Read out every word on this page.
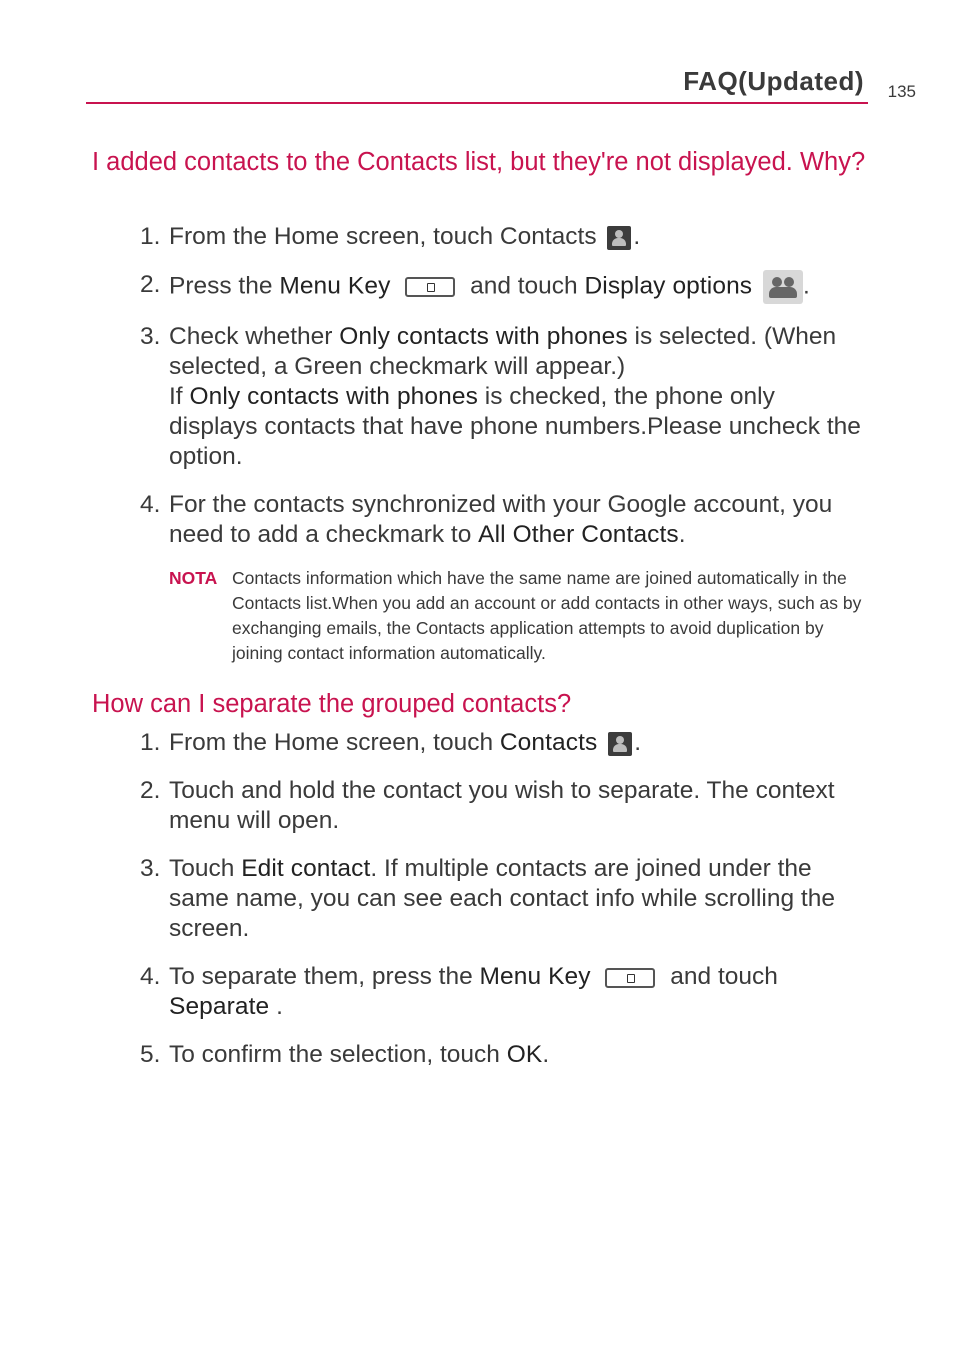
FAQ(Updated) 135
I added contacts to the Contacts list, but they're not displayed. Why?
1. From the Home screen, touch Contacts .
2. Press the Menu Key	and touch Display options .
3. Check whether Only contacts with phones is selected. (When selected, a Green checkmark will appear.)
If Only contacts with phones is checked, the phone only displays contacts that have phone numbers.Please uncheck the option.
4. For the contacts synchronized with your Google account, you need to add a checkmark to All Other Contacts.
NOTA Contacts information which have the same name are joined automatically in the Contacts list.When you add an account or add contacts in other ways, such as by exchanging emails, the Contacts application attempts to avoid duplication by joining contact information automatically.
How can I separate the grouped contacts?
1. From the Home screen, touch Contacts .
2. Touch and hold the contact you wish to separate. The context menu will open.
3. Touch Edit contact. If multiple contacts are joined under the same name, you can see each contact info while scrolling the screen.
4. To separate them, press the Menu Key	and touch
Separate .
5. To confirm the selection, touch OK.
